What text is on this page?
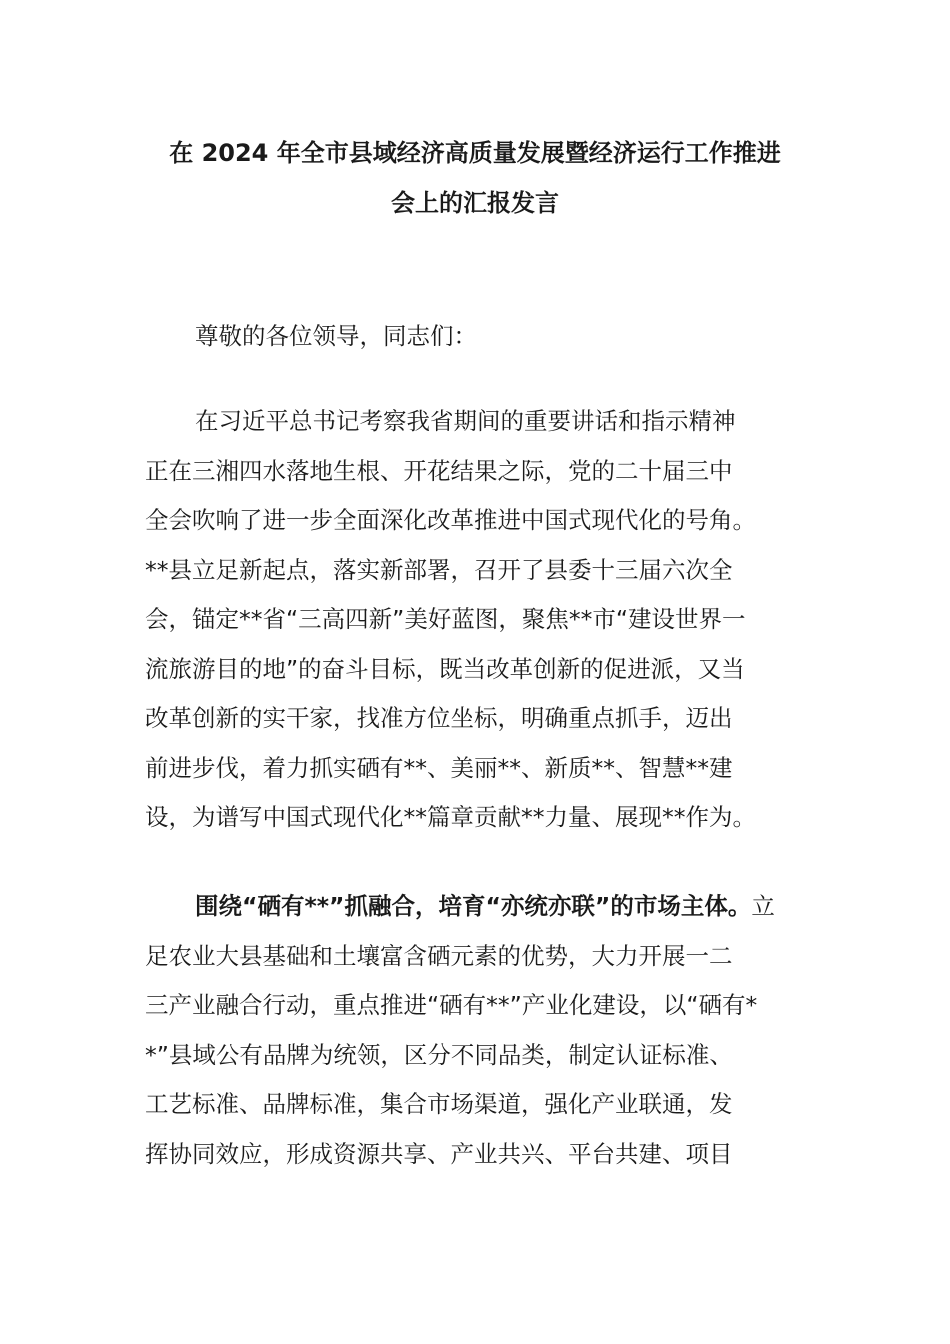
在 2024 年全市县域经济高质量发展暨经济运行工作推进
会上的汇报发言

尊敬的各位领导，同志们：

在习近平总书记考察我省期间的重要讲话和指示精神
正在三湘四水落地生根、开花结果之际，党的二十届三中
全会吹响了进一步全面深化改革推进中国式现代化的号角。
**县立足新起点，落实新部署，召开了县委十三届六次全
会，锚定**省“三高四新”美好蓝图，聚焦**市“建设世界一
流旅游目的地”的奋斗目标，既当改革创新的促进派，又当
改革创新的实干家，找准方位坐标，明确重点抓手，迈出
前进步伐，着力抓实硒有**、美丽**、新质**、智慧**建
设，为谱写中国式现代化**篇章贡献**力量、展现**作为。

围绕“硒有**”抓融合，培育“亦统亦联”的市场主体。立
足农业大县基础和土壤富含硒元素的优势，大力开展一二
三产业融合行动，重点推进“硒有**”产业化建设，以“硒有*
*”县域公有品牌为统领，区分不同品类，制定认证标准、
工艺标准、品牌标准，集合市场渠道，强化产业联通，发
挥协同效应，形成资源共享、产业共兴、平台共建、项目
